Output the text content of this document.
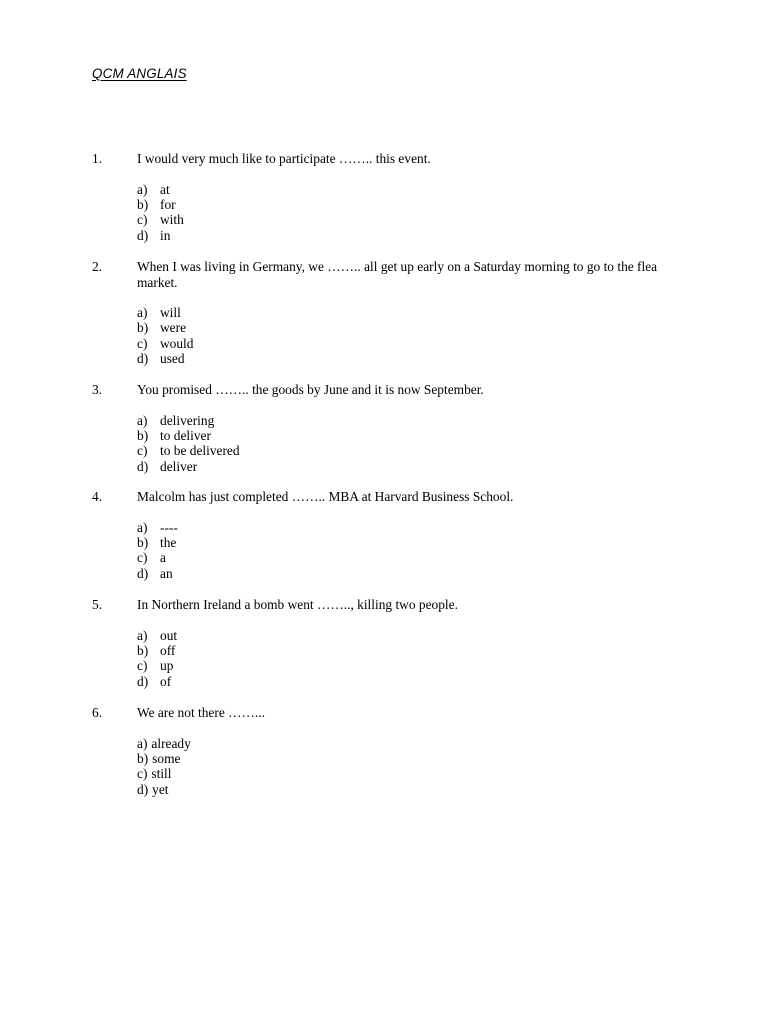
QCM ANGLAIS
1.	I would very much like to participate …….. this event.
a) at
b) for
c) with
d) in
2.	When I was living in Germany, we …….. all get up early on a Saturday morning to go to the flea market.
a) will
b) were
c) would
d) used
3.	You promised …….. the goods by June and it is now September.
a) delivering
b) to deliver
c) to be delivered
d) deliver
4.	Malcolm has just completed …….. MBA at Harvard Business School.
a) ----
b) the
c) a
d) an
5.	In Northern Ireland a bomb went …….., killing two people.
a) out
b) off
c) up
d) of
6.	We are not there ……...
a) already
b) some
c) still
d) yet
